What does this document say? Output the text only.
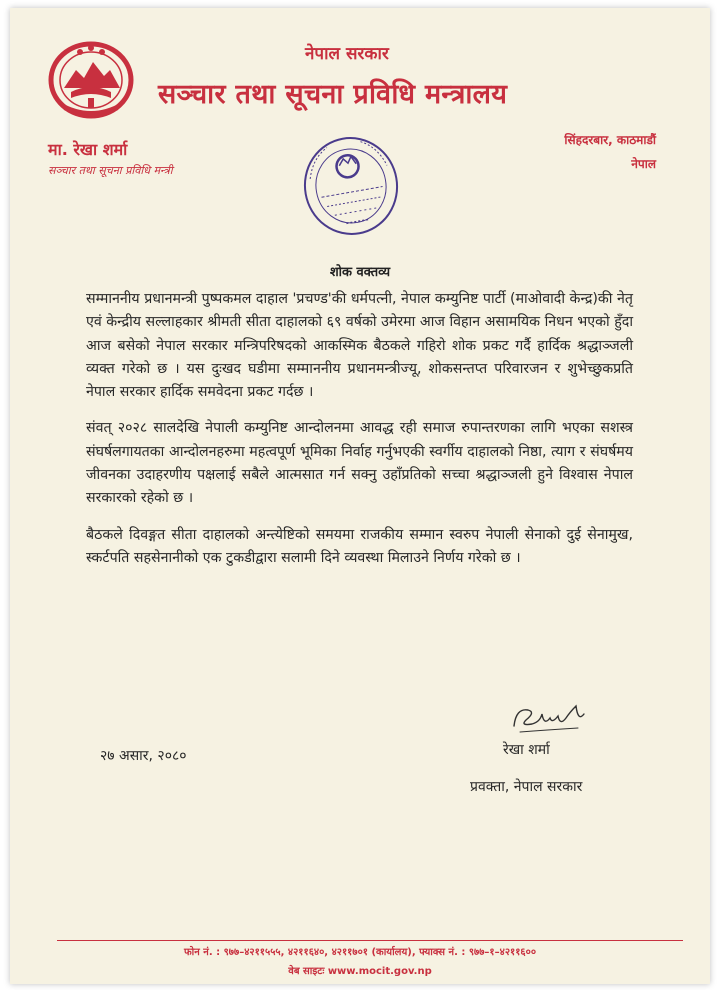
नेपाल सरकार
सञ्चार तथा सूचना प्रविधि मन्त्रालय
मा. रेखा शर्मा
सञ्चार तथा सूचना प्रविधि मन्त्री
सिंहदरबार, काठमाडौं
नेपाल
शोक वक्तव्य

सम्माननीय प्रधानमन्त्री पुष्पकमल दाहाल 'प्रचण्ड'की धर्मपत्नी, नेपाल कम्युनिष्ट पार्टी (माओवादी केन्द्र)की नेतृ एवं केन्द्रीय सल्लाहकार श्रीमती सीता दाहालको ६९ वर्षको उमेरमा आज विहान असामयिक निधन भएको हुँदा आज बसेको नेपाल सरकार मन्त्रिपरिषदको आकस्मिक बैठकले गहिरो शोक प्रकट गर्दै हार्दिक श्रद्धाञ्जली व्यक्त गरेको छ । यस दुःखद घडीमा सम्माननीय प्रधानमन्त्रीज्यू, शोकसन्तप्त परिवारजन र शुभेच्छुकप्रति नेपाल सरकार हार्दिक समवेदना प्रकट गर्दछ ।

संवत् २०२८ सालदेखि नेपाली कम्युनिष्ट आन्दोलनमा आवद्ध रही समाज रुपान्तरणका लागि भएका सशस्त्र संघर्षलगायतका आन्दोलनहरुमा महत्वपूर्ण भूमिका निर्वाह गर्नुभएकी स्वर्गीय दाहालको निष्ठा, त्याग र संघर्षमय जीवनका उदाहरणीय पक्षलाई सबैले आत्मसात गर्न सक्नु उहाँप्रतिको सच्चा श्रद्धाञ्जली हुने विश्वास नेपाल सरकारको रहेको छ ।

बैठकले दिवङ्गत सीता दाहालको अन्त्येष्टिको समयमा राजकीय सम्मान स्वरुप नेपाली सेनाको दुई सेनामुख, स्कर्टपति सहसेनानीको एक टुकडीद्वारा सलामी दिने व्यवस्था मिलाउने निर्णय गरेको छ ।

२७ असार, २०८०	रेखा शर्मा
प्रवक्ता, नेपाल सरकार
फोन नं. : ९७७–४२११५५५, ४२११६४०, ४२११७०१ (कार्यालय), फ्याक्स नं. : ९७७–१–४२११६००
वेब साइटः www.mocit.gov.np
